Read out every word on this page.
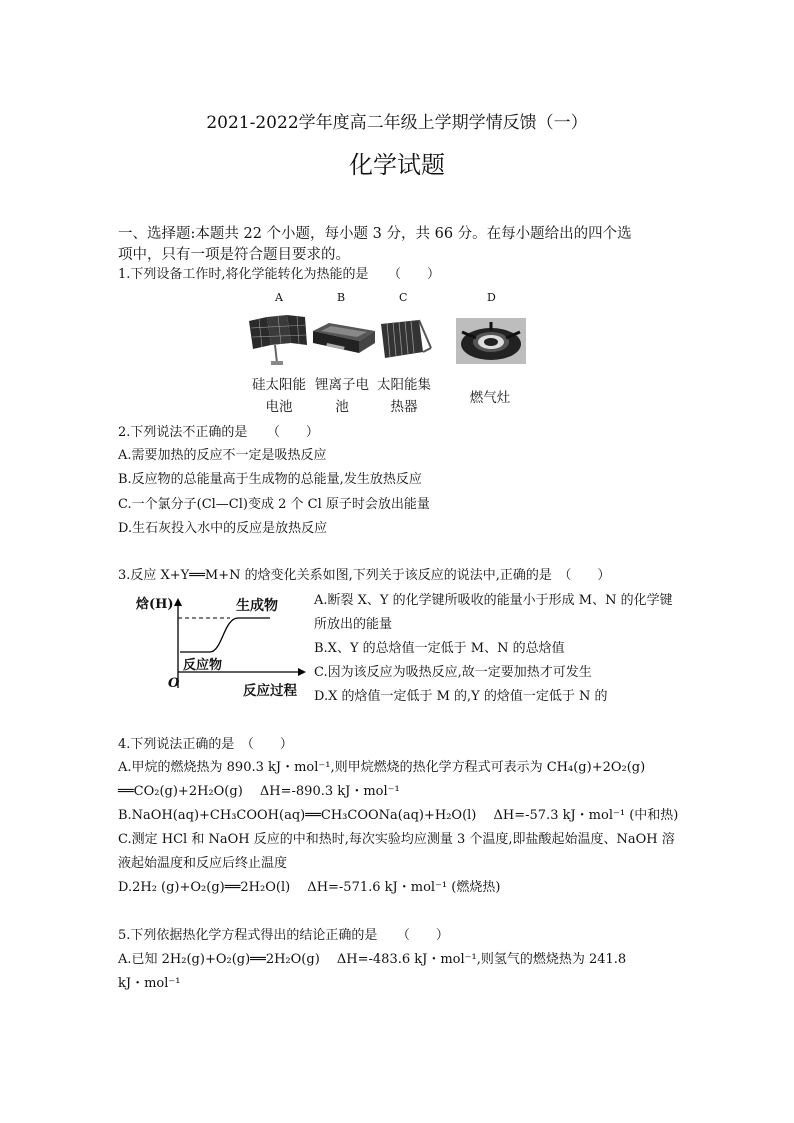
2021-2022学年度高二年级上学期学情反馈（一）
化学试题
一、选择题:本题共 22 个小题，每小题 3 分，共 66 分。在每小题给出的四个选
项中，只有一项是符合题目要求的。
1.下列设备工作时,将化学能转化为热能的是　　（　　）
A	B	C	D
硅太阳能
电池
锂离子电
池
太阳能集
热器
燃气灶
2.下列说法不正确的是　　（　　）
A.需要加热的反应不一定是吸热反应
B.反应物的总能量高于生成物的总能量,发生放热反应
C.一个氯分子(Cl—Cl)变成 2 个 Cl 原子时会放出能量
D.生石灰投入水中的反应是放热反应
3.反应 X+Y══M+N 的焓变化关系如图,下列关于该反应的说法中,正确的是　（　　）
焓(H)	生成物
反应物
O	反应过程
A.断裂 X、Y 的化学键所吸收的能量小于形成 M、N 的化学键
所放出的能量
B.X、Y 的总焓值一定低于 M、N 的总焓值
C.因为该反应为吸热反应,故一定要加热才可发生
D.X 的焓值一定低于 M 的,Y 的焓值一定低于 N 的
4.下列说法正确的是　（　　）
A.甲烷的燃烧热为 890.3 kJ・mol⁻¹,则甲烷燃烧的热化学方程式可表示为 CH₄(g)+2O₂(g)
══CO₂(g)+2H₂O(g)　 ΔH=-890.3 kJ・mol⁻¹
B.NaOH(aq)+CH₃COOH(aq)══CH₃COONa(aq)+H₂O(l)　 ΔH=-57.3 kJ・mol⁻¹ (中和热)
C.测定 HCl 和 NaOH 反应的中和热时,每次实验均应测量 3 个温度,即盐酸起始温度、NaOH 溶
液起始温度和反应后终止温度
D.2H₂ (g)+O₂(g)══2H₂O(l)　 ΔH=-571.6 kJ・mol⁻¹ (燃烧热)
5.下列依据热化学方程式得出的结论正确的是　　（　　）
A.已知 2H₂(g)+O₂(g)══2H₂O(g)　 ΔH=-483.6 kJ・mol⁻¹,则氢气的燃烧热为 241.8
kJ・mol⁻¹
